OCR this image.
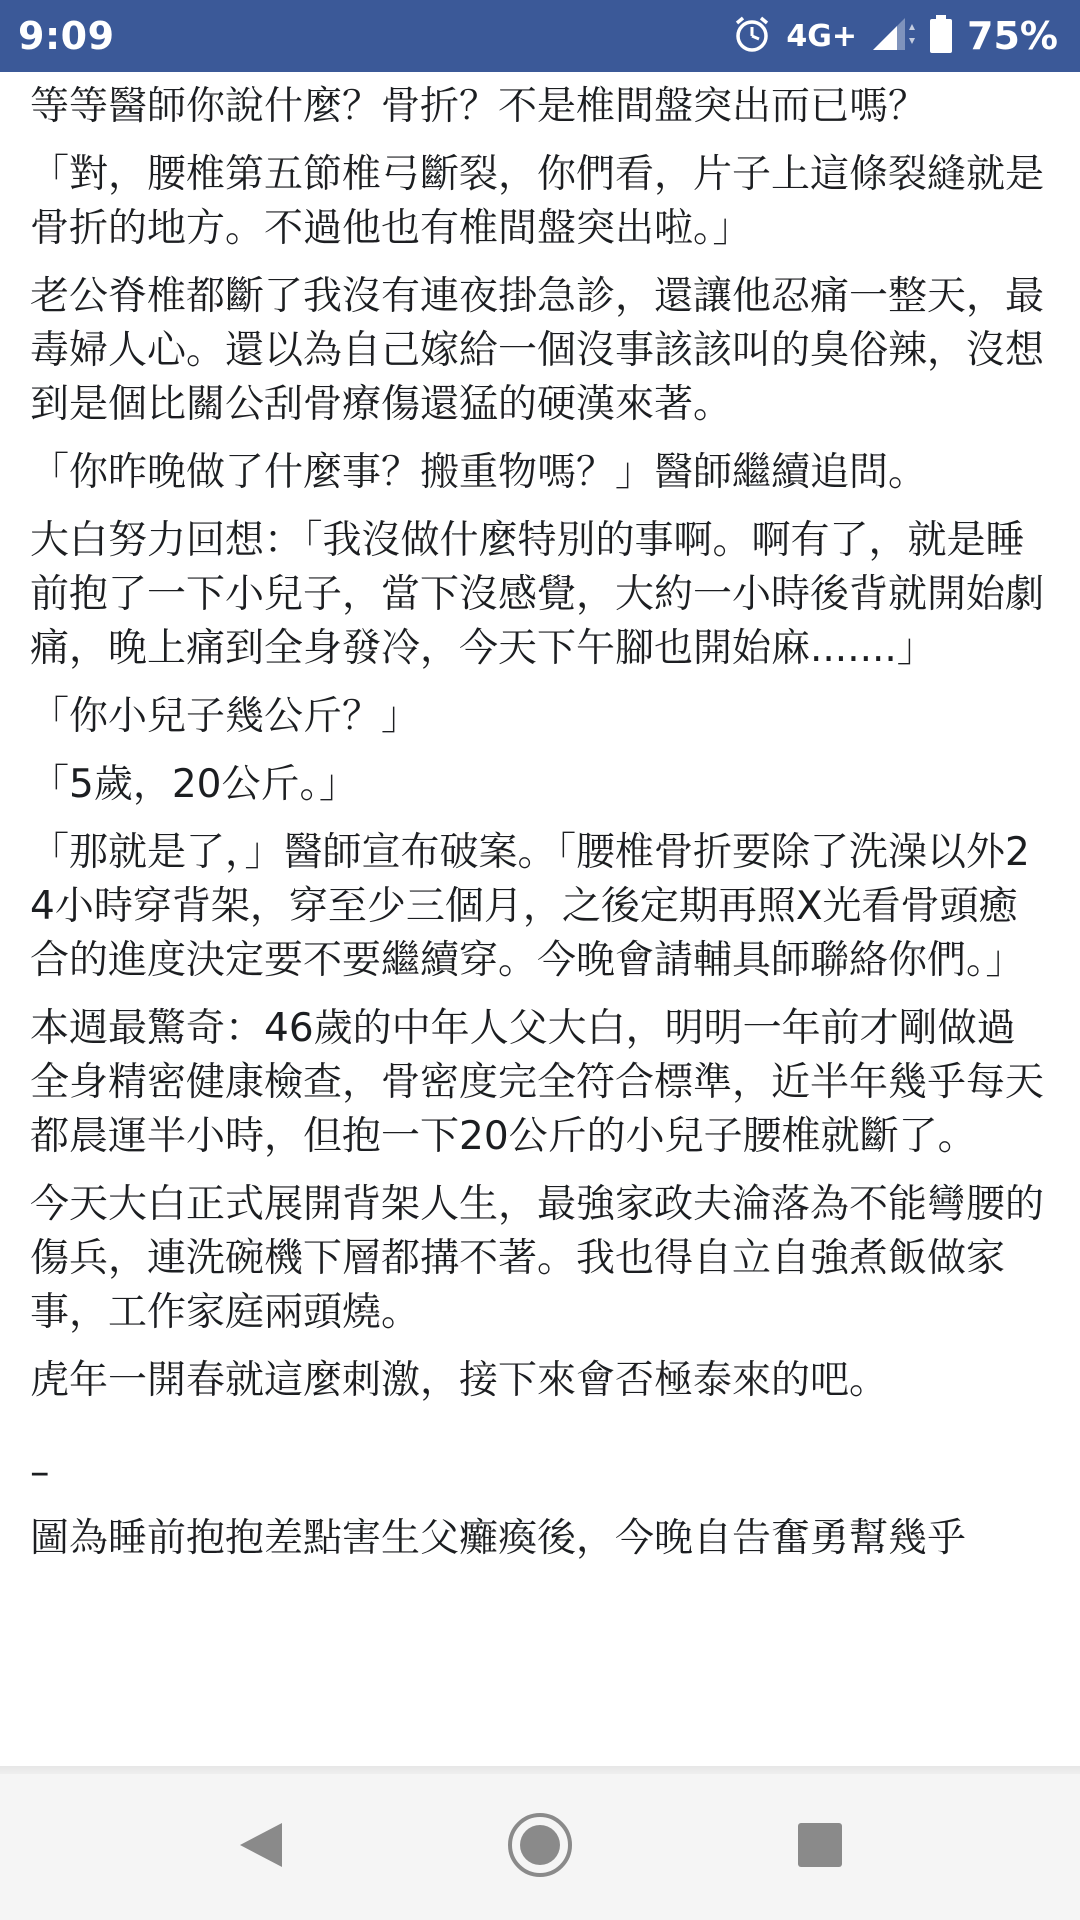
9:09	4G+	75%

等等醫師你說什麼？骨折？不是椎間盤突出而已嗎？

「對，腰椎第五節椎弓斷裂，你們看，片子上這條裂縫就是骨折的地方。不過他也有椎間盤突出啦。」

老公脊椎都斷了我沒有連夜掛急診，還讓他忍痛一整天，最毒婦人心。還以為自己嫁給一個沒事該該叫的臭俗辣，沒想到是個比關公刮骨療傷還猛的硬漢來著。

「你昨晚做了什麼事？搬重物嗎？」醫師繼續追問。

大白努力回想：「我沒做什麼特別的事啊。啊有了，就是睡前抱了一下小兒子，當下沒感覺，大約一小時後背就開始劇痛，晚上痛到全身發冷，今天下午腳也開始麻.......」

「你小兒子幾公斤？」

「5歲，20公斤。」

「那就是了，」醫師宣布破案。「腰椎骨折要除了洗澡以外24小時穿背架，穿至少三個月，之後定期再照X光看骨頭癒合的進度決定要不要繼續穿。今晚會請輔具師聯絡你們。」

本週最驚奇：46歲的中年人父大白，明明一年前才剛做過全身精密健康檢查，骨密度完全符合標準，近半年幾乎每天都晨運半小時，但抱一下20公斤的小兒子腰椎就斷了。

今天大白正式展開背架人生，最強家政夫淪落為不能彎腰的傷兵，連洗碗機下層都搆不著。我也得自立自強煮飯做家事，工作家庭兩頭燒。

虎年一開春就這麼刺激，接下來會否極泰來的吧。

–

圖為睡前抱抱差點害生父癱瘓後，今晚自告奮勇幫幾乎
